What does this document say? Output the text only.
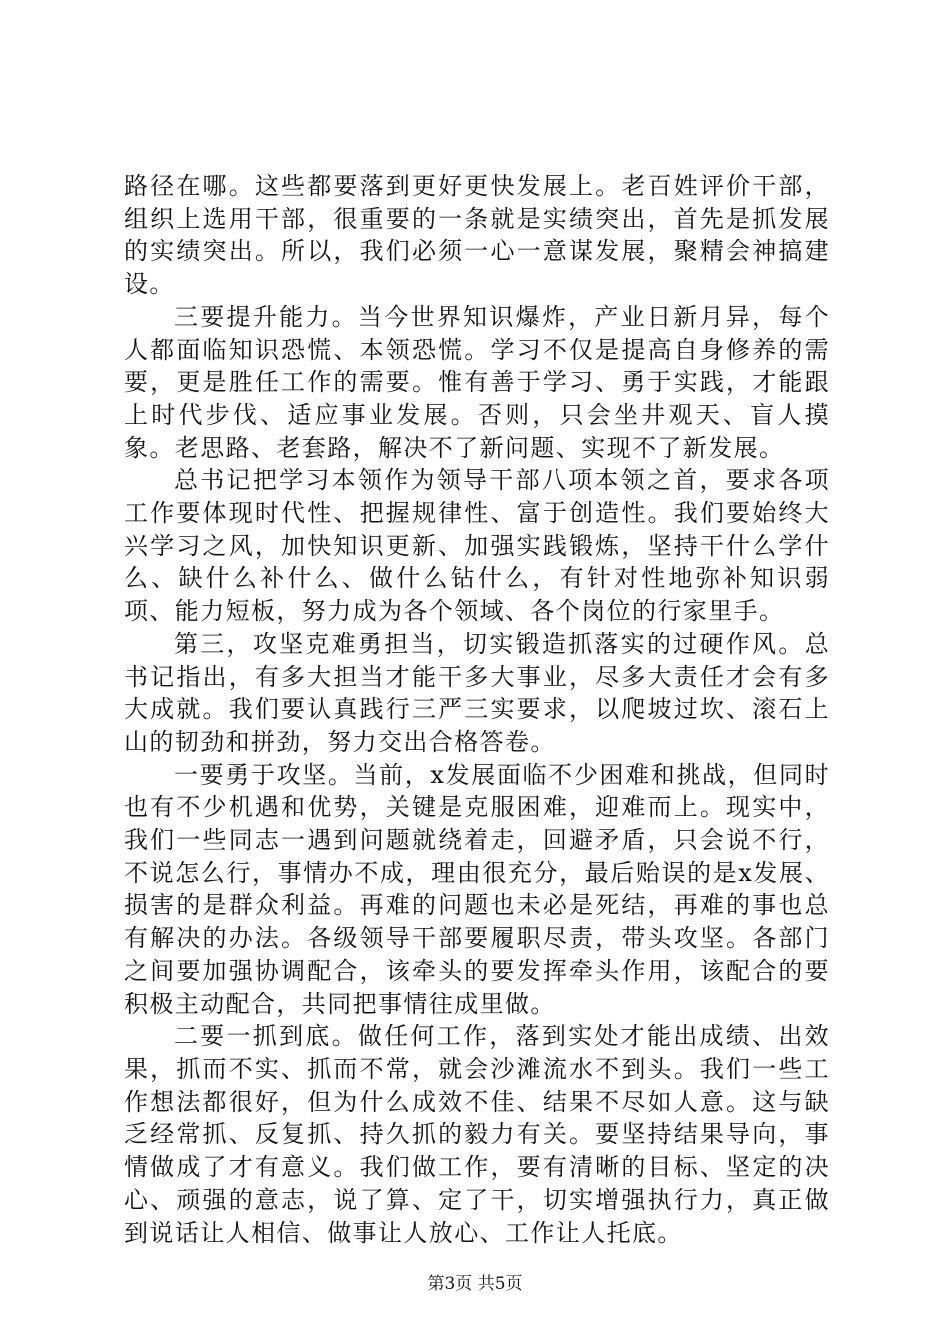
路径在哪。这些都要落到更好更快发展上。老百姓评价干部，组织上选用干部，很重要的一条就是实绩突出，首先是抓发展的实绩突出。所以，我们必须一心一意谋发展，聚精会神搞建设。

三要提升能力。当今世界知识爆炸，产业日新月异，每个人都面临知识恐慌、本领恐慌。学习不仅是提高自身修养的需要，更是胜任工作的需要。惟有善于学习、勇于实践，才能跟上时代步伐、适应事业发展。否则，只会坐井观天、盲人摸象。老思路、老套路，解决不了新问题、实现不了新发展。

总书记把学习本领作为领导干部八项本领之首，要求各项工作要体现时代性、把握规律性、富于创造性。我们要始终大兴学习之风，加快知识更新、加强实践锻炼，坚持干什么学什么、缺什么补什么、做什么钻什么，有针对性地弥补知识弱项、能力短板，努力成为各个领域、各个岗位的行家里手。

第三，攻坚克难勇担当，切实锻造抓落实的过硬作风。总书记指出，有多大担当才能干多大事业，尽多大责任才会有多大成就。我们要认真践行三严三实要求，以爬坡过坎、滚石上山的韧劲和拼劲，努力交出合格答卷。

一要勇于攻坚。当前，x发展面临不少困难和挑战，但同时也有不少机遇和优势，关键是克服困难，迎难而上。现实中，我们一些同志一遇到问题就绕着走，回避矛盾，只会说不行，不说怎么行，事情办不成，理由很充分，最后贻误的是x发展、损害的是群众利益。再难的问题也未必是死结，再难的事也总有解决的办法。各级领导干部要履职尽责，带头攻坚。各部门之间要加强协调配合，该牵头的要发挥牵头作用，该配合的要积极主动配合，共同把事情往成里做。

二要一抓到底。做任何工作，落到实处才能出成绩、出效果，抓而不实、抓而不常，就会沙滩流水不到头。我们一些工作想法都很好，但为什么成效不佳、结果不尽如人意。这与缺乏经常抓、反复抓、持久抓的毅力有关。要坚持结果导向，事情做成了才有意义。我们做工作，要有清晰的目标、坚定的决心、顽强的意志，说了算、定了干，切实增强执行力，真正做到说话让人相信、做事让人放心、工作让人托底。

第3页 共5页
